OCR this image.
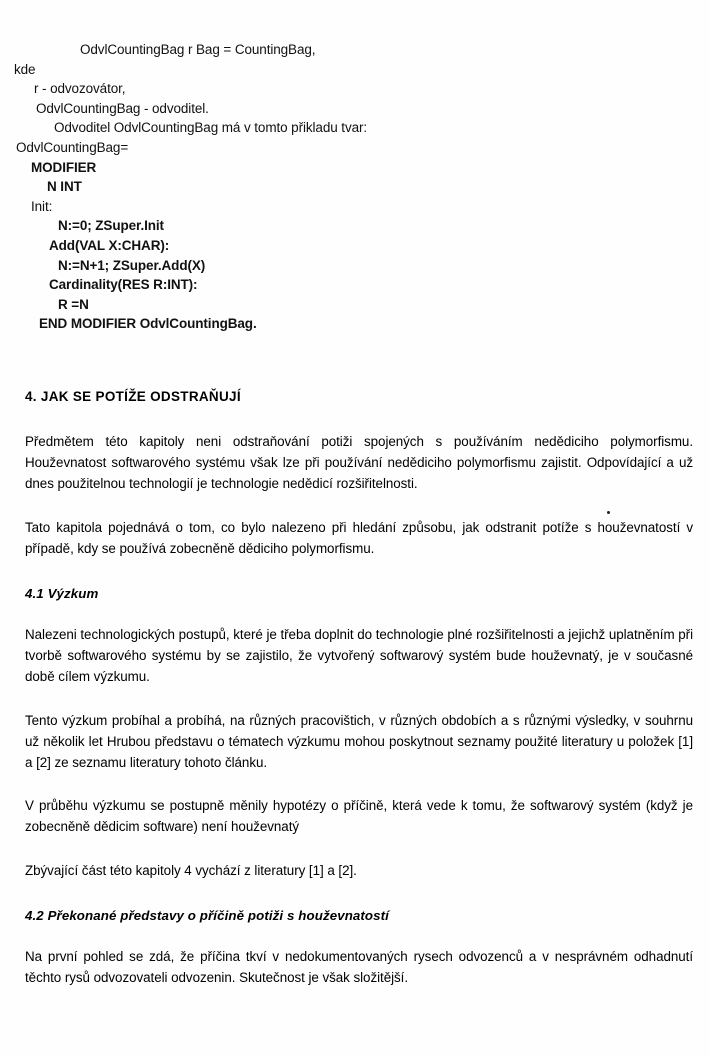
OdvlCountingBag r Bag = CountingBag,
kde
r - odvozovátor,
OdvlCountingBag - odvoditel.
Odvoditel OdvlCountingBag má v tomto přikladu tvar:
OdvlCountingBag=
MODIFIER
N INT
Init:
N:=0; ZSuper.Init
Add(VAL X:CHAR):
N:=N+1; ZSuper.Add(X)
Cardinality(RES R:INT):
R =N
END MODIFIER OdvlCountingBag.
4. JAK SE POTÍŽE ODSTRAŇUJÍ

Předmětem této kapitoly neni odstraňování potiži spojených s používáním nedědiciho polymorfismu. Houževnatost softwarového systému však lze při používání nedědiciho polymorfismu zajistit. Odpovídající a už dnes použitelnou technologií je technologie nedědicí rozšiřitelnosti.

Tato kapitola pojednává o tom, co bylo nalezeno při hledání způsobu, jak odstranit potíže s houževnatostí v případě, kdy se používá zobecněně dědiciho polymorfismu.

4.1 Výzkum

Nalezeni technologických postupů, které je třeba doplnit do technologie plné rozšiřitelnosti a jejichž uplatněním při tvorbě softwarového systému by se zajistilo, že vytvořený softwarový systém bude houževnatý, je v současné době cílem výzkumu.

Tento výzkum probíhal a probíhá, na různých pracovištich, v různých obdobích a s různými výsledky, v souhrnu už několik let Hrubou představu o tématech výzkumu mohou poskytnout seznamy použité literatury u položek [1] a [2] ze seznamu literatury tohoto článku.

V průběhu výzkumu se postupně měnily hypotézy o příčině, která vede k tomu, že softwarový systém (když je zobecněně dědicim software) není houževnatý

Zbývající část této kapitoly 4 vychází z literatury [1] a [2].

4.2 Překonané představy o příčině potiži s houževnatostí

Na první pohled se zdá, že příčina tkví v nedokumentovaných rysech odvozenců a v nesprávném odhadnutí těchto rysů odvozovateli odvozenin. Skutečnost je však složitější.
